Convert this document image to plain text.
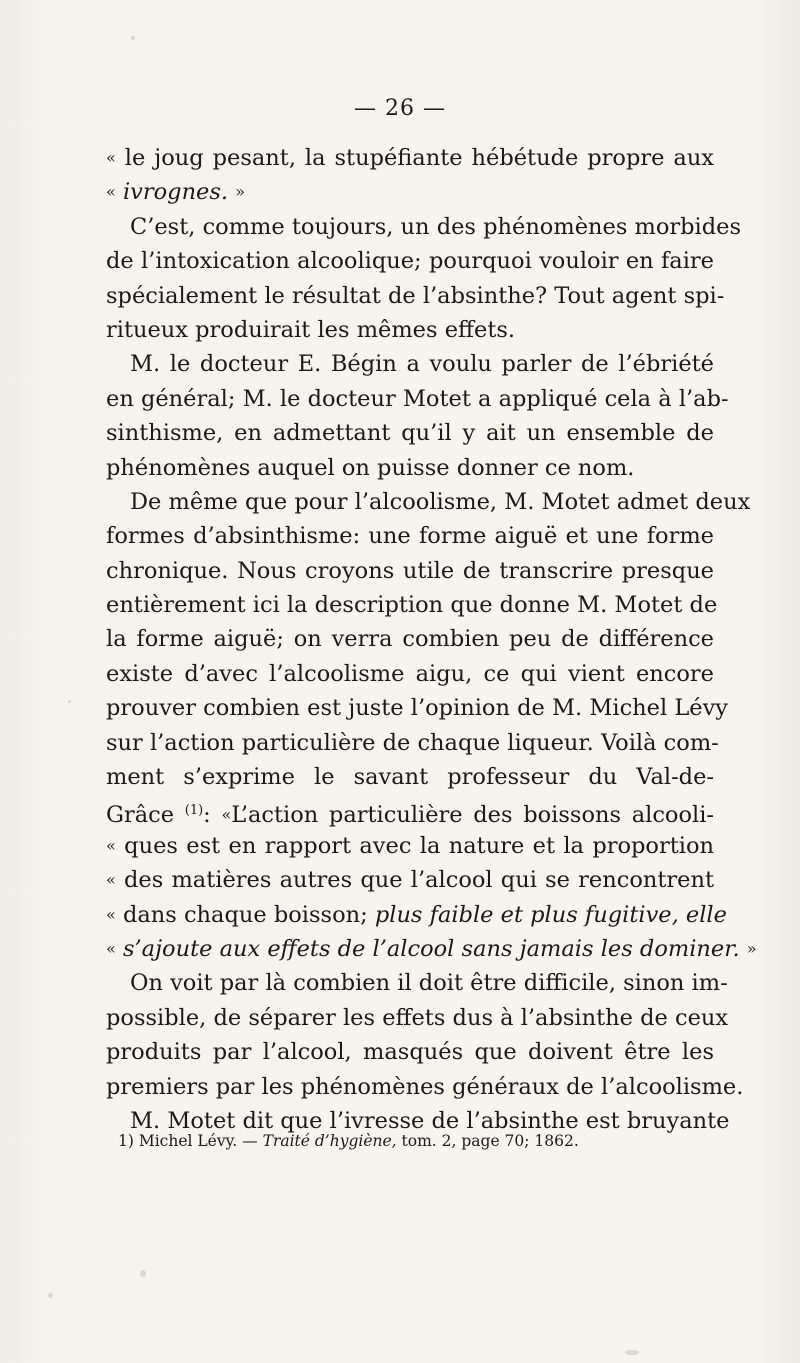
— 26 —
« le joug pesant, la stupéfiante hébétude propre aux
« ivrognes. »
C’est, comme toujours, un des phénomènes morbides
de l’intoxication alcoolique; pourquoi vouloir en faire
spécialement le résultat de l’absinthe? Tout agent spi-
ritueux produirait les mêmes effets.
M. le docteur E. Bégin a voulu parler de l’ébriété
en général; M. le docteur Motet a appliqué cela à l’ab-
sinthisme, en admettant qu’il y ait un ensemble de
phénomènes auquel on puisse donner ce nom.
De même que pour l’alcoolisme, M. Motet admet deux
formes d’absinthisme: une forme aiguë et une forme
chronique. Nous croyons utile de transcrire presque
entièrement ici la description que donne M. Motet de
la forme aiguë; on verra combien peu de différence
existe d’avec l’alcoolisme aigu, ce qui vient encore
prouver combien est juste l’opinion de M. Michel Lévy
sur l’action particulière de chaque liqueur. Voilà com-
ment s’exprime le savant professeur du Val-de-
Grâce $^{(1)}$: «L’action particulière des boissons alcooli-
« ques est en rapport avec la nature et la proportion
« des matières autres que l’alcool qui se rencontrent
« dans chaque boisson; plus faible et plus fugitive, elle
« s’ajoute aux effets de l’alcool sans jamais les dominer. »
On voit par là combien il doit être difficile, sinon im-
possible, de séparer les effets dus à l’absinthe de ceux
produits par l’alcool, masqués que doivent être les
premiers par les phénomènes généraux de l’alcoolisme.
M. Motet dit que l’ivresse de l’absinthe est bruyante
1) Michel Lévy. — Traité d’hygiène, tom. 2, page 70; 1862.
